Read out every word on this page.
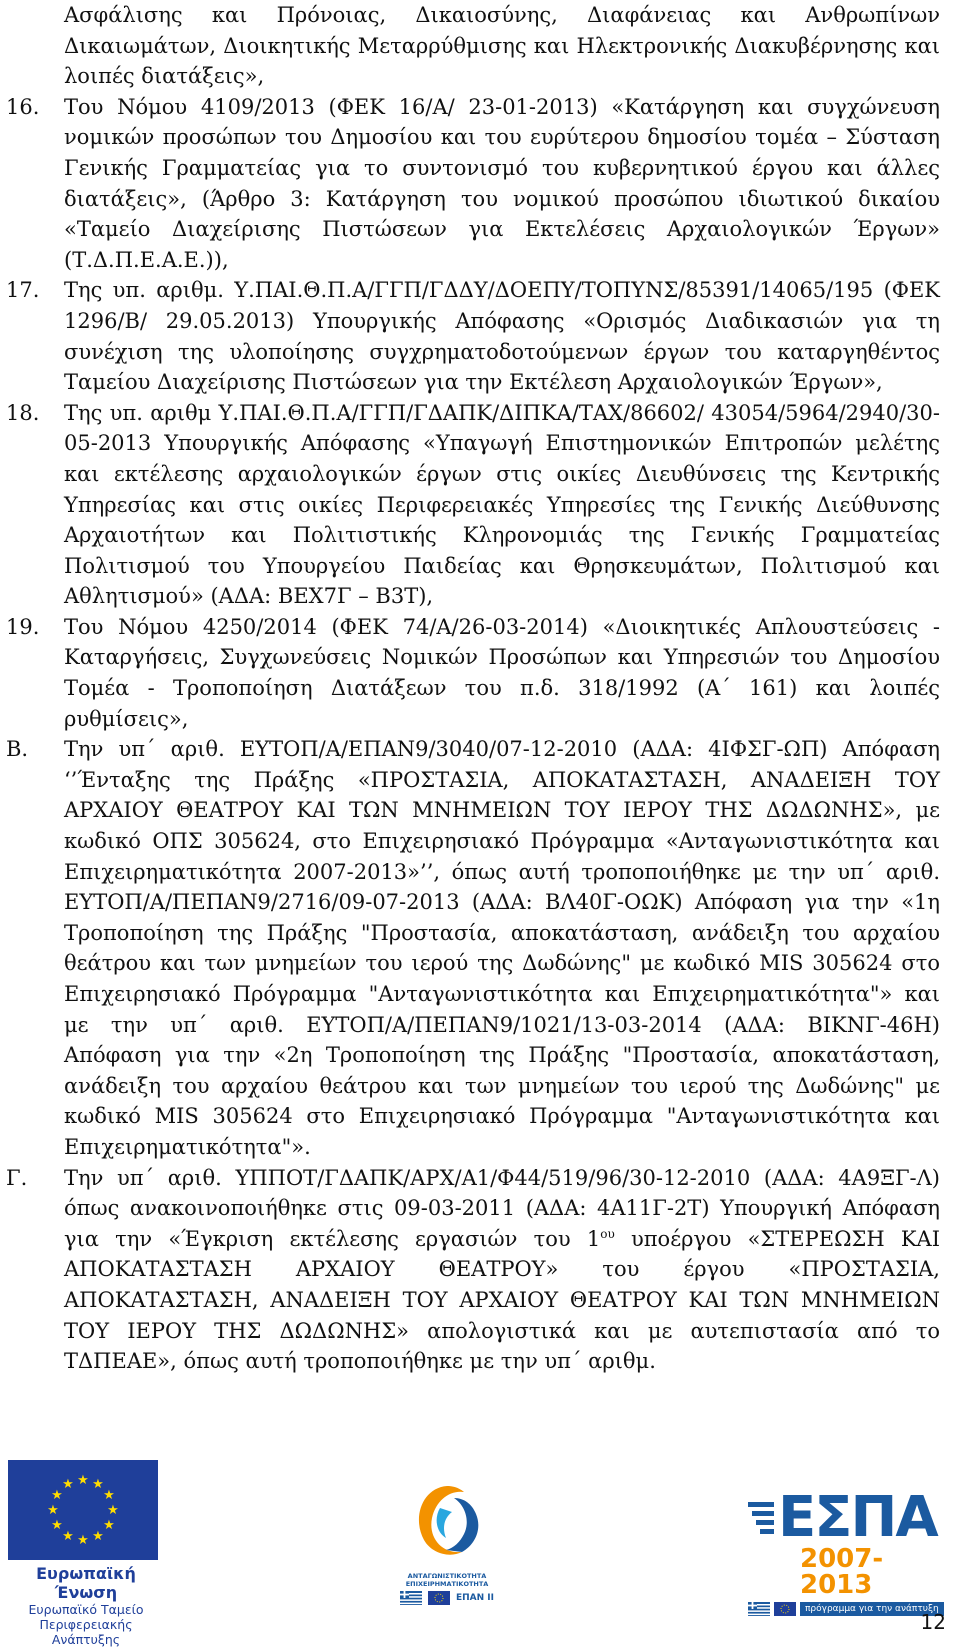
Ασφάλισης και Πρόνοιας, Δικαιοσύνης, Διαφάνειας και Ανθρωπίνων Δικαιωμάτων, Διοικητικής Μεταρρύθμισης και Ηλεκτρονικής Διακυβέρνησης και λοιπές διατάξεις»,
16. Του Νόμου 4109/2013 (ΦΕΚ 16/Α/ 23-01-2013) «Κατάργηση και συγχώνευση νομικών προσώπων του Δημοσίου και του ευρύτερου δημοσίου τομέα – Σύσταση Γενικής Γραμματείας για το συντονισμό του κυβερνητικού έργου και άλλες διατάξεις», (Άρθρο 3: Κατάργηση του νομικού προσώπου ιδιωτικού δικαίου «Ταμείο Διαχείρισης Πιστώσεων για Εκτελέσεις Αρχαιολογικών Έργων» (Τ.Δ.Π.Ε.Α.Ε.)),
17. Της υπ. αριθμ. Υ.ΠΑΙ.Θ.Π.Α/ΓΓΠ/ΓΔΔΥ/ΔΟΕΠΥ/ΤΟΠΥΝΣ/85391/14065/195 (ΦΕΚ 1296/Β/ 29.05.2013) Υπουργικής Απόφασης «Ορισμός Διαδικασιών για τη συνέχιση της υλοποίησης συγχρηματοδοτούμενων έργων του καταργηθέντος Ταμείου Διαχείρισης Πιστώσεων για την Εκτέλεση Αρχαιολογικών Έργων»,
18. Της υπ. αριθμ Υ.ΠΑΙ.Θ.Π.Α/ΓΓΠ/ΓΔΑΠΚ/ΔΙΠΚΑ/ΤΑΧ/86602/ 43054/5964/2940/30-05-2013 Υπουργικής Απόφασης «Υπαγωγή Επιστημονικών Επιτροπών μελέτης και εκτέλεσης αρχαιολογικών έργων στις οικίες Διευθύνσεις της Κεντρικής Υπηρεσίας και στις οικίες Περιφερειακές Υπηρεσίες της Γενικής Διεύθυνσης Αρχαιοτήτων και Πολιτιστικής Κληρονομιάς της Γενικής Γραμματείας Πολιτισμού του Υπουργείου Παιδείας και Θρησκευμάτων, Πολιτισμού και Αθλητισμού» (ΑΔΑ: ΒΕΧ7Γ – Β3Τ),
19. Του Νόμου 4250/2014 (ΦΕΚ 74/Α/26-03-2014) «Διοικητικές Απλουστεύσεις - Καταργήσεις, Συγχωνεύσεις Νομικών Προσώπων και Υπηρεσιών του Δημοσίου Τομέα - Τροποποίηση Διατάξεων του π.δ. 318/1992 (Α΄ 161) και λοιπές ρυθμίσεις»,
Β. Την υπ΄ αριθ. ΕΥΤΟΠ/Α/ΕΠΑΝ9/3040/07-12-2010 (ΑΔΑ: 4ΙΦΣΓ-ΩΠ) Απόφαση ‘’Ένταξης της Πράξης «ΠΡΟΣΤΑΣΙΑ, ΑΠΟΚΑΤΑΣΤΑΣΗ, ΑΝΑΔΕΙΞΗ ΤΟΥ ΑΡΧΑΙΟΥ ΘΕΑΤΡΟΥ ΚΑΙ ΤΩΝ ΜΝΗΜΕΙΩΝ ΤΟΥ ΙΕΡΟΥ ΤΗΣ ΔΩΔΩΝΗΣ», με κωδικό ΟΠΣ 305624, στο Επιχειρησιακό Πρόγραμμα «Ανταγωνιστικότητα και Επιχειρηματικότητα 2007-2013»’’, όπως αυτή τροποποιήθηκε με την υπ΄ αριθ. ΕΥΤΟΠ/Α/ΠΕΠΑΝ9/2716/09-07-2013 (ΑΔΑ: ΒΛ40Γ-ΟΩΚ) Απόφαση για την «1η Τροποποίηση της Πράξης "Προστασία, αποκατάσταση, ανάδειξη του αρχαίου θεάτρου και των μνημείων του ιερού της Δωδώνης" με κωδικό MIS 305624 στο Επιχειρησιακό Πρόγραμμα "Ανταγωνιστικότητα και Επιχειρηματικότητα"» και με την υπ΄ αριθ. ΕΥΤΟΠ/Α/ΠΕΠΑΝ9/1021/13-03-2014 (ΑΔΑ: ΒΙΚΝΓ-46Η) Απόφαση για την «2η Τροποποίηση της Πράξης "Προστασία, αποκατάσταση, ανάδειξη του αρχαίου θεάτρου και των μνημείων του ιερού της Δωδώνης" με κωδικό MIS 305624 στο Επιχειρησιακό Πρόγραμμα "Ανταγωνιστικότητα και Επιχειρηματικότητα"».
Γ. Την υπ΄ αριθ. ΥΠΠΟΤ/ΓΔΑΠΚ/ΑΡΧ/Α1/Φ44/519/96/30-12-2010 (ΑΔΑ: 4Α9ΞΓ-Λ) όπως ανακοινοποιήθηκε στις 09-03-2011 (ΑΔΑ: 4Α11Γ-2Τ) Υπουργική Απόφαση για την «Έγκριση εκτέλεσης εργασιών του $1^{o\upsilon}$ υποέργου «ΣΤΕΡΕΩΣΗ ΚΑΙ ΑΠΟΚΑΤΑΣΤΑΣΗ ΑΡΧΑΙΟΥ ΘΕΑΤΡΟΥ» του έργου «ΠΡΟΣΤΑΣΙΑ, ΑΠΟΚΑΤΑΣΤΑΣΗ, ΑΝΑΔΕΙΞΗ ΤΟΥ ΑΡΧΑΙΟΥ ΘΕΑΤΡΟΥ ΚΑΙ ΤΩΝ ΜΝΗΜΕΙΩΝ ΤΟΥ ΙΕΡΟΥ ΤΗΣ ΔΩΔΩΝΗΣ» απολογιστικά και με αυτεπιστασία από το ΤΔΠΕΑΕ», όπως αυτή τροποποιήθηκε με την υπ΄ αριθμ.
★ ★
★
★
★
★
★
★
★
★
★
★
Ευρωπαϊκή Ένωση
Ευρωπαϊκό Ταμείο
Περιφερειακής Ανάπτυξης
ΑΝΤΑΓΩΝΙΣΤΙΚΟΤΗΤΑ
ΕΠΙΧΕΙΡΗΜΑΤΙΚΟΤΗΤΑ
ΕΠΑΝ II
ΕΣΠΑ
2007-2013
πρόγραμμα για την ανάπτυξη
12
